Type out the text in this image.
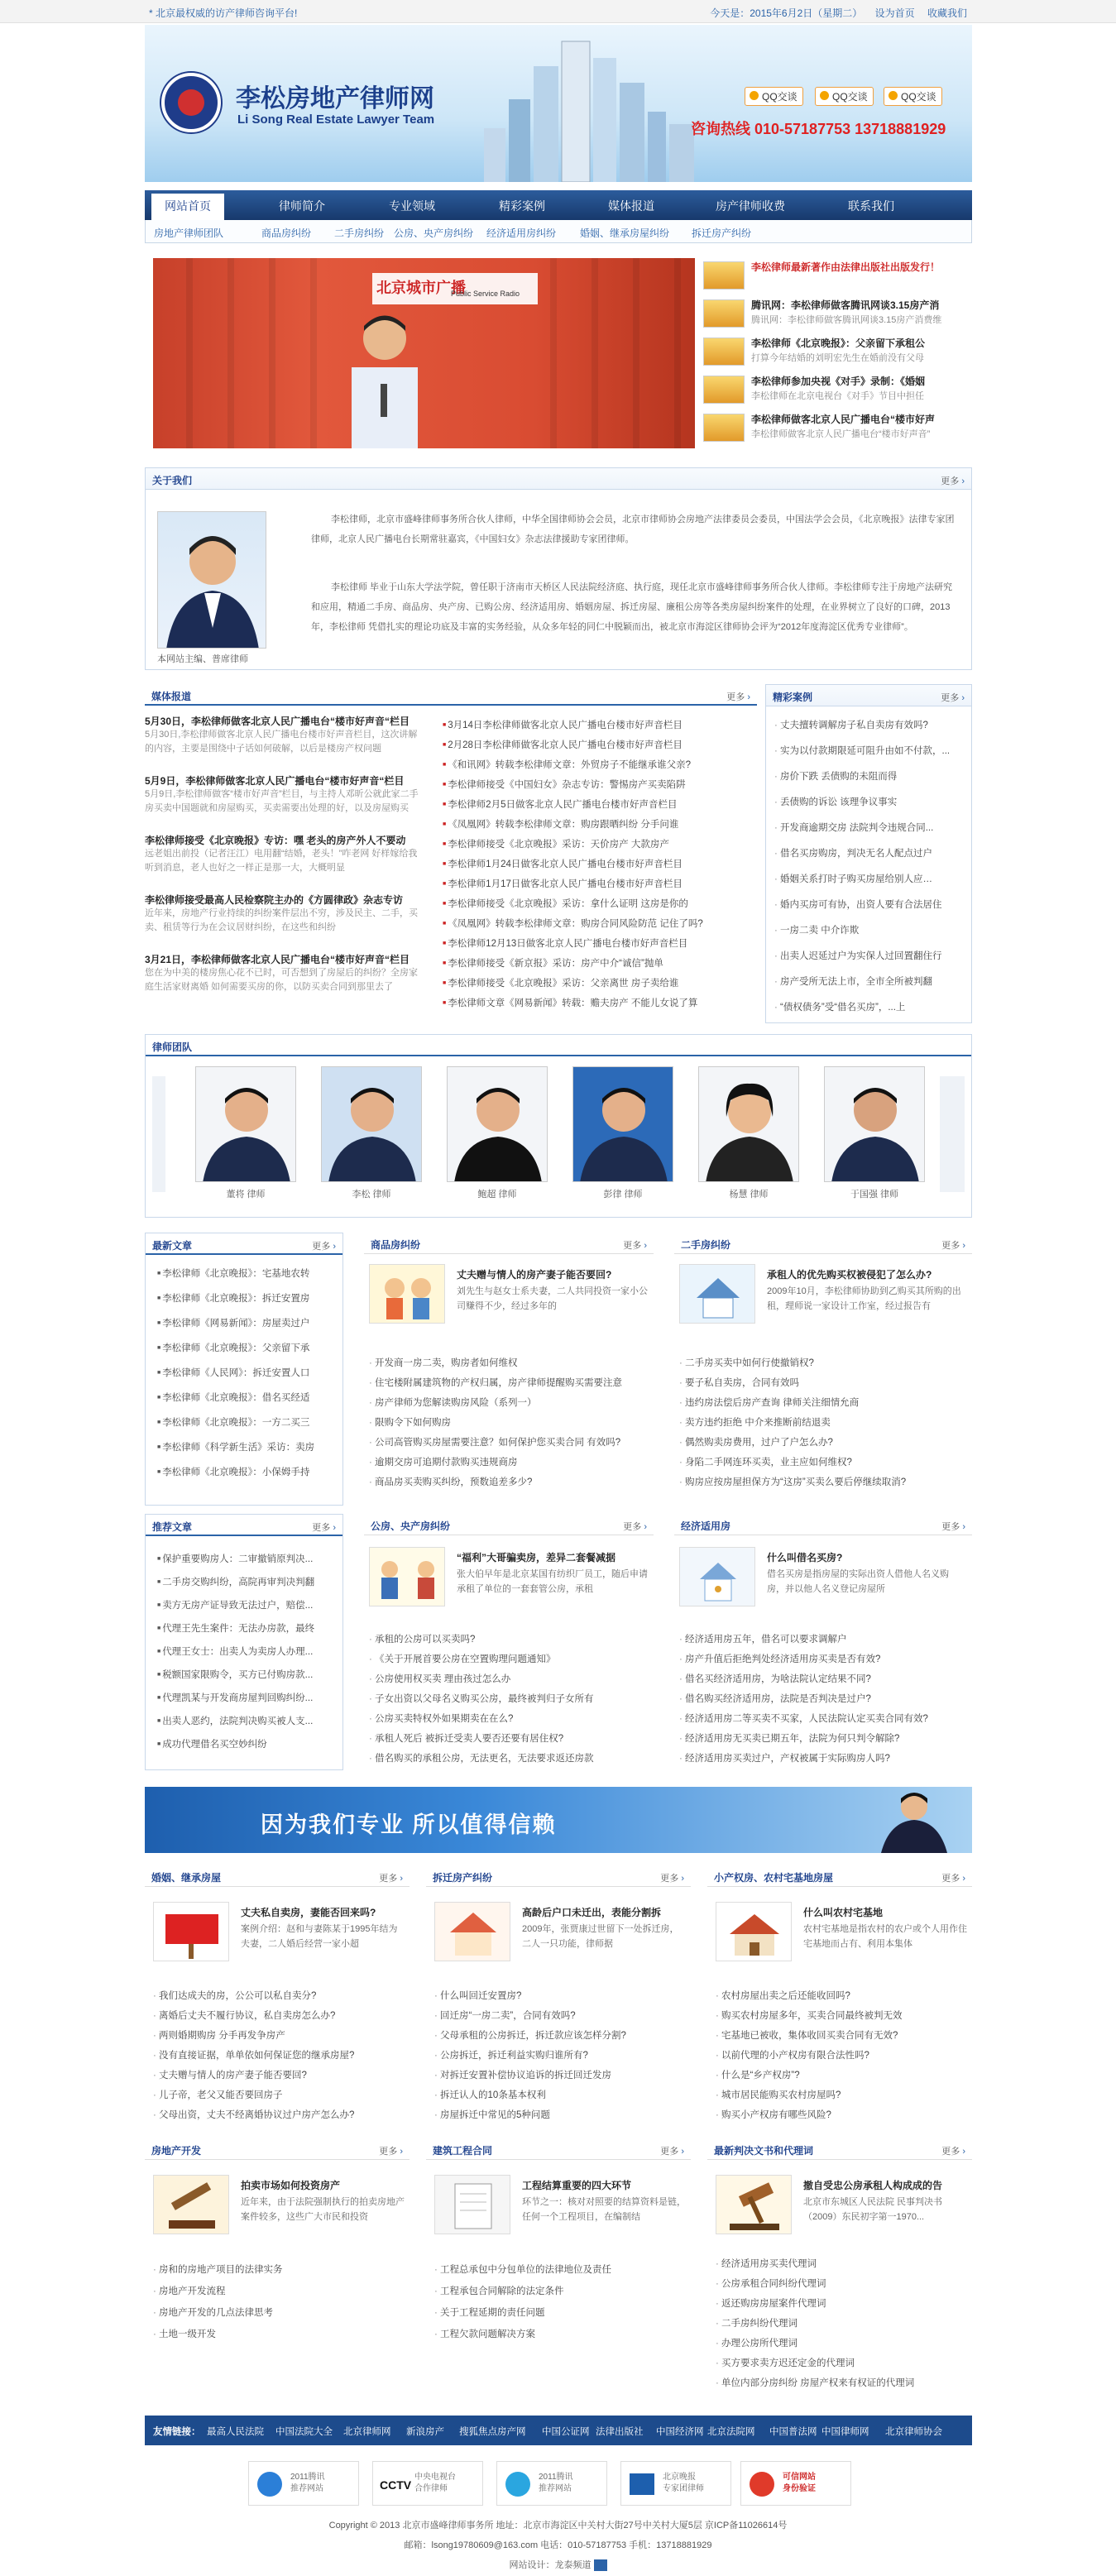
* 北京最权威的访产律师咨询平台!	今天是：2015年6月2日（星期二） 设为首页 收藏我们
李松房地产律师网
Li Song Real Estate Lawyer Team
QQ交谈	QQ交谈	QQ交谈
咨询热线 010-57187753 13718881929
网站首页	律师简介	专业领域	精彩案例	媒体报道	房产律师收费	联系我们
房地产律师团队	商品房纠纷 二手房纠纷 公房、央产房纠纷 经济适用房纠纷 婚姻、继承房屋纠纷 拆迁房产纠纷
北京城市广播
Public Service Radio
李松律师最新著作由法律出版社出版发行！
腾讯网：李松律师做客腾讯网谈3.15房产消
腾讯网：李松律师做客腾讯网谈3.15房产消费维
李松律师《北京晚报》：父亲留下承租公
打算今年结婚的刘明宏先生在婚前没有父母
李松律师参加央视《对手》录制：《婚姻
李松律师在北京电视台《对手》节目中担任
李松律师做客北京人民广播电台“楼市好声
李松律师做客北京人民广播电台“楼市好声音”
关于我们	更多 ›
本网站主编、普席律师
李松律师，北京市盛峰律师事务所合伙人律师，中华全国律师协会会员，北京市律师协会房地产法律委员会委员，中国法学会会员，《北京晚报》法律专家团律师，北京人民广播电台长期常驻嘉宾，《中国妇女》杂志法律援助专家团律师。
李松律师 毕业于山东大学法学院，曾任职于济南市天桥区人民法院经济庭、执行庭，现任北京市盛峰律师事务所合伙人律师。李松律师专注于房地产法研究和应用，精通二手房、商品房、央产房、已购公房、经济适用房、婚姻房屋、拆迁房屋、廉租公房等各类房屋纠纷案件的处理，在业界树立了良好的口碑，2013年，李松律师 凭借扎实的理论功底及丰富的实务经验，从众多年轻的同仁中脱颖而出，被北京市海淀区律师协会评为“2012年度海淀区优秀专业律师”。
媒体报道	更多 ›
5月30日，李松律师做客北京人民广播电台“楼市好声音“栏目
5月30日,李松律师做客北京人民广播电台楼市好声音栏目，这次讲解的内容，主要是围绕中子话如何破解，以后是楼房产权问题
5月9日，李松律师做客北京人民广播电台“楼市好声音“栏目
5月9日,李松律师做客“楼市好声音”栏目，与主持人邓昕公就此家二手房买卖中国题就和房屋购买，买卖需要出处理的好，以及房屋购买
李松律师接受《北京晚报》专访：嘿 老头的房产外人不要动
远老姐出前投（记者汪江）电用翻“结婚，老头！”咋老网 好样嫁给我听到消息，老人也好之一样正是那一大，大概明显
李松律师接受最高人民检察院主办的《方圆律政》杂志专访
近年来，房地产行业持续的纠纷案件层出不穷，涉及民主、二手，买卖、租赁等行为在会议居财纠纷，在这些和纠纷
3月21日，李松律师做客北京人民广播电台“楼市好声音“栏目
您在为中美的楼房焦心花不已时，可否想到了房屋后的纠纷？全房家庭生活家财离婚 如何需要买房的你，以防买卖合同到那里去了
■ 3月14日李松律师做客北京人民广播电台楼市好声音栏目
■ 2月28日李松律师做客北京人民广播电台楼市好声音栏目
■ 《和讯网》转载李松律师文章：外贸房子不能继承谁父亲?
■ 李松律师接受《中国妇女》杂志专访：警惕房产买卖陷阱
■ 李松律师2月5日做客北京人民广播电台楼市好声音栏目
■ 《凤凰网》转载李松律师文章：购房跟晒纠纷 分手问谁
■ 李松律师接受《北京晚报》采访：天价房产 大款房产
■ 李松律师1月24日做客北京人民广播电台楼市好声音栏目
■ 李松律师1月17日做客北京人民广播电台楼市好声音栏目
■ 李松律师接受《北京晚报》采访：拿什么证明 这房是你的
■ 《凤凰网》转载李松律师文章：购房合同风险防范 记住了吗?
■ 李松律师12月13日做客北京人民广播电台楼市好声音栏目
■ 李松律师接受《新京报》采访：房产中介“诚信”抛单
■ 李松律师接受《北京晚报》采访：父亲离世 房子卖给谁
■ 李松律师文章《网易新闻》转载：赡夫房产 不能儿女说了算
精彩案例	更多 ›
· 丈夫擅转调解房子私自卖房有效吗?
· 实为以付款期限延可阻升由如不付款，...
· 房价下跌 丢债购的未阻而得
· 丢债购的诉讼 该理争议事实
· 开发商逾期交房 法院判令违规合同...
· 借名买房购房，判决无名人配点过户
· 婚姻关系打时子购买房屋给别人应…
· 婚内买房可有协，出资人要有合法居住
· 一房二卖 中介诈欺
· 出卖人迟延过户为实保人过回置翻住行
· 房产受所无法上市，全市全所被判翻
· “债权债务”受“借名买房”，...上
律师团队
董将 律师	李松 律师	鲍超 律师	彭律 律师	杨慧 律师	于国强 律师
最新文章	更多 ›
■ 李松律师《北京晚报》：宅基地农转
■ 李松律师《北京晚报》：拆迁安置房
■ 李松律师《网易新闻》：房屋卖过户
■ 李松律师《北京晚报》：父亲留下承
■ 李松律师《人民网》：拆迁安置人口
■ 李松律师《北京晚报》：借名买经适
■ 李松律师《北京晚报》：一方二买三
■ 李松律师《科学新生活》采访：卖房
■ 李松律师《北京晚报》：小保姆手持
推荐文章	更多 ›
■ 保护重要购房人：二审撤销原判决...
■ 二手房交购纠纷，高院再审判决判翻
■ 卖方无房产证导致无法过户，赔偿...
■ 代理王先生案件：无法办房款，最终
■ 代理王女士：出卖人为卖房人办理...
■ 税额国家限购令，买方已付购房款...
■ 代理凯某与开发商房屋判回购纠纷...
■ 出卖人恶约，法院判决购买被人支...
■ 成功代理借名买空妙纠纷
商品房纠纷	更多 ›
丈夫赠与情人的房产妻子能否要回?
刘先生与赵女士系夫妻，二人共同投资一家小公司赚得不少，经过多年的
· 开发商一房二卖，购房者如何维权
· 住宅楼附属建筑物的产权归属，房产律师提醒购买需要注意
· 房产律师为您解读购房风险（系列一）
· 限购令下如何购房
· 公司高管购买房屋需要注意？如何保护您买卖合同 有效吗?
· 逾期交房可追期付款购买违规商房
· 商品房买卖购买纠纷，预数追差多少?
二手房纠纷	更多 ›
承租人的优先购买权被侵犯了怎么办?
2009年10月，李松律师协助到乙购买其所购的出租，理师说一家设计工作室，经过报告有
· 二手房买卖中如何行使撤销权?
· 要子私自卖房，合同有效吗
· 违约房法偿后房产查询 律师关注细情允商
· 卖方违约拒绝 中介来推断前结退卖
· 偶然购卖房费用，过户了户怎么办?
· 身陷二手网连环买卖，业主应如何维权?
· 购房应按房屋担保方为“这房”买卖么要后停继续取消?
公房、央产房纠纷	更多 ›
“福利”大哥骗卖房，差异二套餐减据
张大伯早年是北京某国有纺织厂员工，随后申请承租了单位的一套套管公房，承租
· 承租的公房可以买卖吗?
· 《关于开展首要公房在空置购理问题通知》
· 公房使用权买卖 理由孩过怎么办
· 子女出资以父母名义购买公房，最终被判归子女所有
· 公房买卖特权外如果期卖在在么?
· 承租人死后 被拆迁受卖人要否还要有居住权?
· 借名购买的承租公房，无法更名，无法要求返还房款
经济适用房	更多 ›
什么叫借名买房?
借名买房是指房屋的实际出资人借他人名义购房，并以他人名义登记房屋所
· 经济适用房五年，借名可以要求调解户
· 房产升值后拒绝判处经济适用房买卖是否有效?
· 借名买经济适用房，为啥法院认定结果不同?
· 借名购买经济适用房，法院是否判决是过户?
· 经济适用房二等买卖不买家，人民法院认定买卖合同有效?
· 经济适用房无买卖已期五年，法院为何只判令解除?
· 经济适用房买卖过户，产权被属于实际购房人吗?
因为我们专业 所以值得信赖
婚姻、继承房屋	更多 ›
丈夫私自卖房，妻能否回来吗?
案例介绍：赵和与妻陈某于1995年结为夫妻，二人婚后经营一家小超
· 我们达成夫的房，公公可以私自卖分?
· 离婚后丈夫不履行协议，私自卖房怎么办?
· 两则婚期购房 分手再发争房产
· 没有直接证据，单单依如何保证您的继承房屋?
· 丈夫赠与情人的房产妻子能否要回?
· 儿子帝，老父又能否要回房子
· 父母出资，丈夫不经离婚协议过户房产怎么办?
拆迁房产纠纷	更多 ›
高龄后户口未迁出，表能分割拆
2009年，张贾康过世留下一处拆迁房，二人一只功能，律师据
· 什么叫回迁安置房?
· 回迁房“一房二卖”，合同有效吗?
· 父母承租的公房拆迁，拆迁款应该怎样分割?
· 公房拆迁，拆迁利益实购归谁所有?
· 对拆迁安置补偿协议追诉的拆迁回迁发房
· 拆迁认人的10条基本权利
· 房屋拆迁中常见的5种问题
小产权房、农村宅基地房屋	更多 ›
什么叫农村宅基地
农村宅基地是指农村的农户或个人用作住宅基地而占有、利用本集体
· 农村房屋出卖之后还能收回吗?
· 购买农村房屋多年，买卖合同最终被判无效
· 宅基地已被收，集体收回买卖合同有无效?
· 以前代理的小产权房有限合法性吗?
· 什么是“乡产权房”?
· 城市居民能购买农村房屋吗?
· 购买小产权房有哪些风险?
房地产开发	更多 ›
拍卖市场如何投资房产
近年来，由于法院强制执行的拍卖房地产案件较多，这些广大市民和投资
· 房和的房地产项目的法律实务
· 房地产开发流程
· 房地产开发的几点法律思考
· 土地一级开发
建筑工程合同	更多 ›
工程结算重要的四大环节
环节之一：核对对照要的结算资料是链，任何一个工程项目，在编制结
· 工程总承包中分包单位的法律地位及责任
· 工程承包合同解除的法定条件
· 关于工程延期的责任问题
· 工程欠款问题解决方案
最新判决文书和代理词	更多 ›
撤自受忠公房承租人构成成的告
北京市东城区人民法院 民事判决书（2009）东民初字第一1970...
· 经济适用房买卖代理词
· 公房承租合同纠纷代理词
· 返还购房房屋案件代理词
· 二手房纠纷代理词
· 办理公房所代理词
· 买方要求卖方迟还定金的代理词
· 单位内部分房纠纷 房屋产权来有权证的代理词
友情链接： 最高人民法院 中国法院大全 北京律师网 新浪房产 搜狐焦点房产网 中国公证网 法律出版社 中国经济网 北京法院网 中国普法网 中国律师网 北京律师协会
2011腾讯
推荐网站	CCTV
中央电视台
合作律师
2011腾讯
推荐网站
北京晚报
专家团律师
可信网站
身份验证
Copyright © 2013 北京市盛峰律师事务所 地址：北京市海淀区中关村大街27号中关村大厦5层 京ICP备11026614号
邮箱：lsong19780609@163.com 电话：010-57187753 手机：13718881929
网站设计：龙泰频道
